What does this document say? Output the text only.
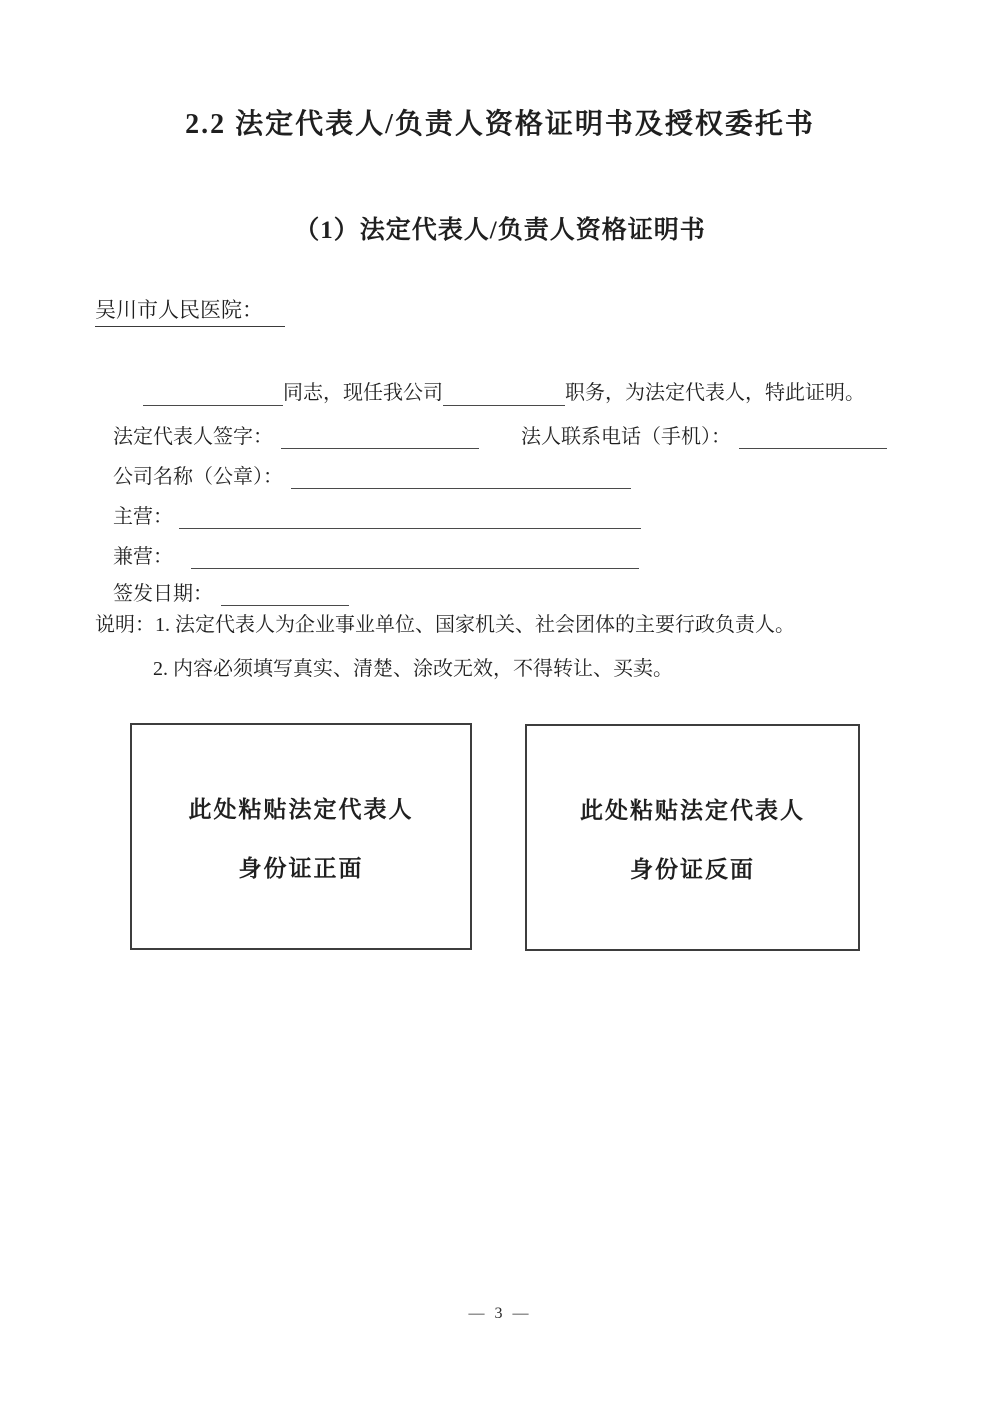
2.2 法定代表人/负责人资格证明书及授权委托书
（1）法定代表人/负责人资格证明书
吴川市人民医院：
同志，现任我公司	职务，为法定代表人，特此证明。
法定代表人签字：	法人联系电话（手机）：
公司名称（公章）：
主营：
兼营：
签发日期：
说明：1. 法定代表人为企业事业单位、国家机关、社会团体的主要行政负责人。
2. 内容必须填写真实、清楚、涂改无效，不得转让、买卖。
此处粘贴法定代表人
身份证正面
此处粘贴法定代表人
身份证反面
— 3 —
